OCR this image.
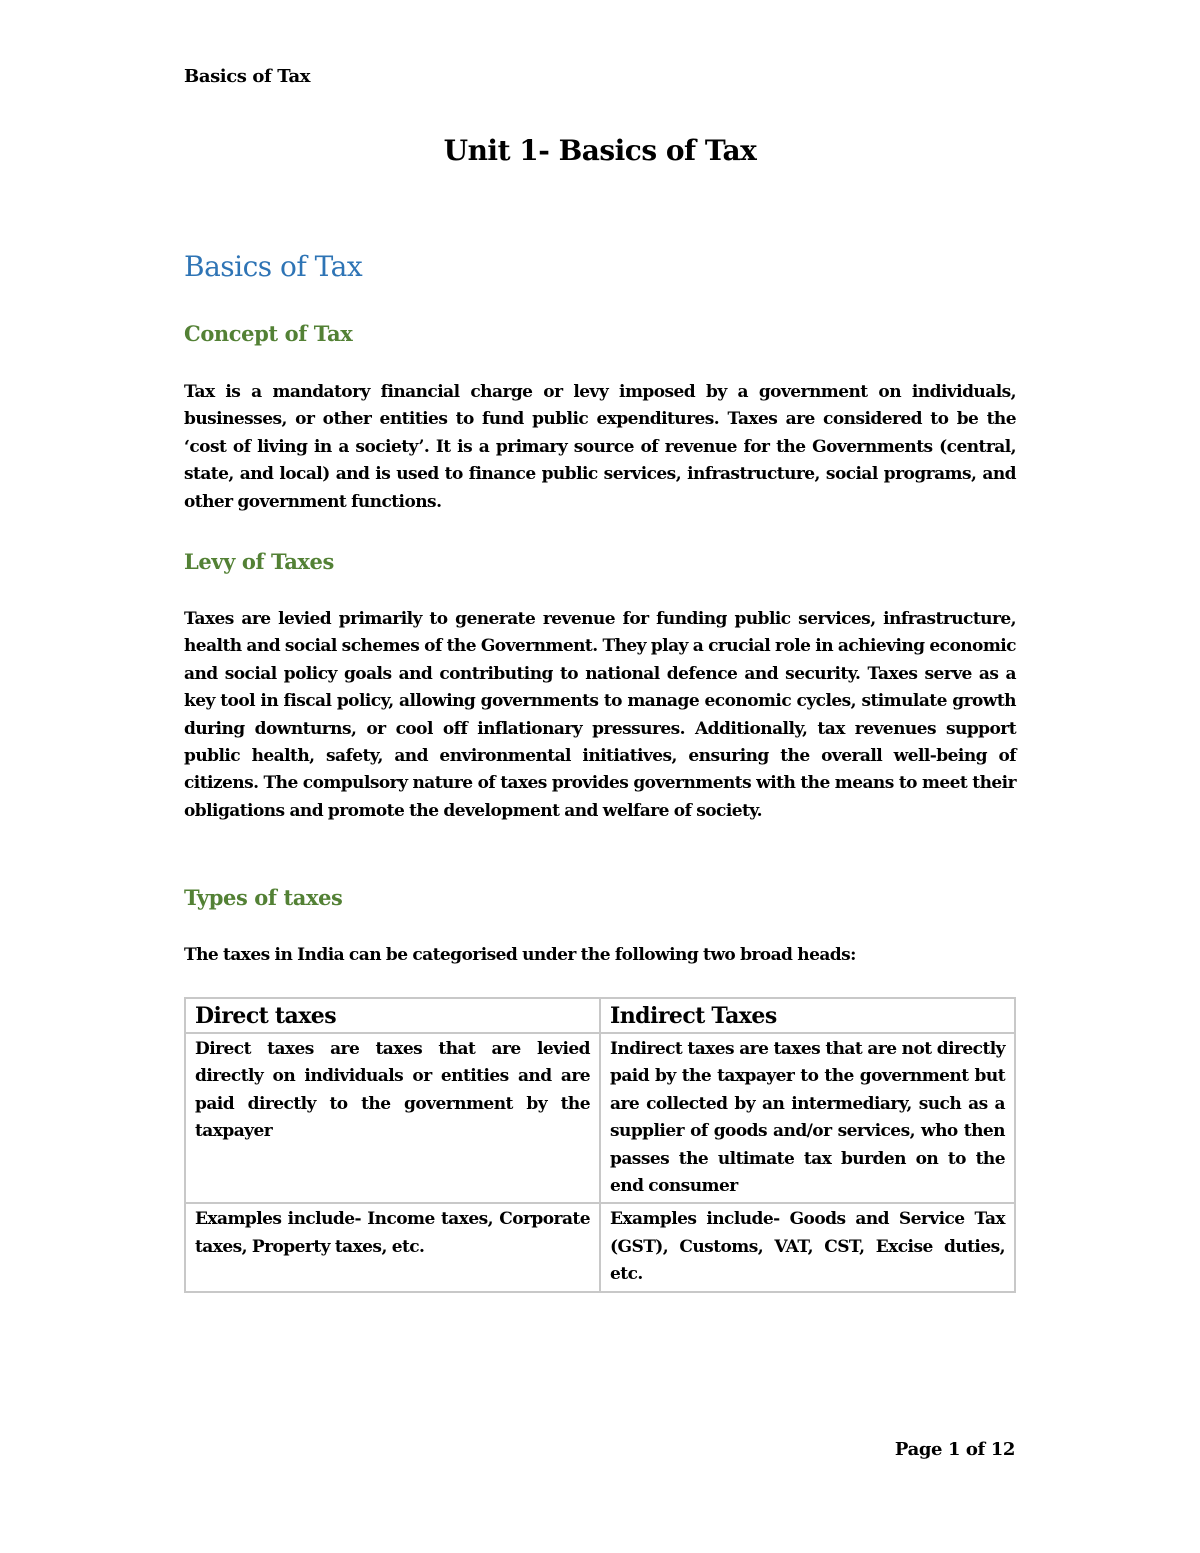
Basics of Tax
Unit 1- Basics of Tax
Basics of Tax
Concept of Tax

Tax is a mandatory financial charge or levy imposed by a government on individuals, businesses, or other entities to fund public expenditures. Taxes are considered to be the ‘cost of living in a society’. It is a primary source of revenue for the Governments (central, state, and local) and is used to finance public services, infrastructure, social programs, and other government functions.

Levy of Taxes

Taxes are levied primarily to generate revenue for funding public services, infrastructure, health and social schemes of the Government. They play a crucial role in achieving economic and social policy goals and contributing to national defence and security. Taxes serve as a key tool in fiscal policy, allowing governments to manage economic cycles, stimulate growth during downturns, or cool off inflationary pressures. Additionally, tax revenues support public health, safety, and environmental initiatives, ensuring the overall well-being of citizens. The compulsory nature of taxes provides governments with the means to meet their obligations and promote the development and welfare of society.

Types of taxes

The taxes in India can be categorised under the following two broad heads:

Direct taxes	Indirect Taxes
Direct taxes are taxes that are levied directly on individuals or entities and are paid directly to the government by the taxpayer	Indirect taxes are taxes that are not directly paid by the taxpayer to the government but are collected by an intermediary, such as a supplier of goods and/or services, who then passes the ultimate tax burden on to the end consumer
Examples include- Income taxes, Corporate taxes, Property taxes, etc.	Examples include- Goods and Service Tax (GST), Customs, VAT, CST, Excise duties, etc.
Page 1 of 12
